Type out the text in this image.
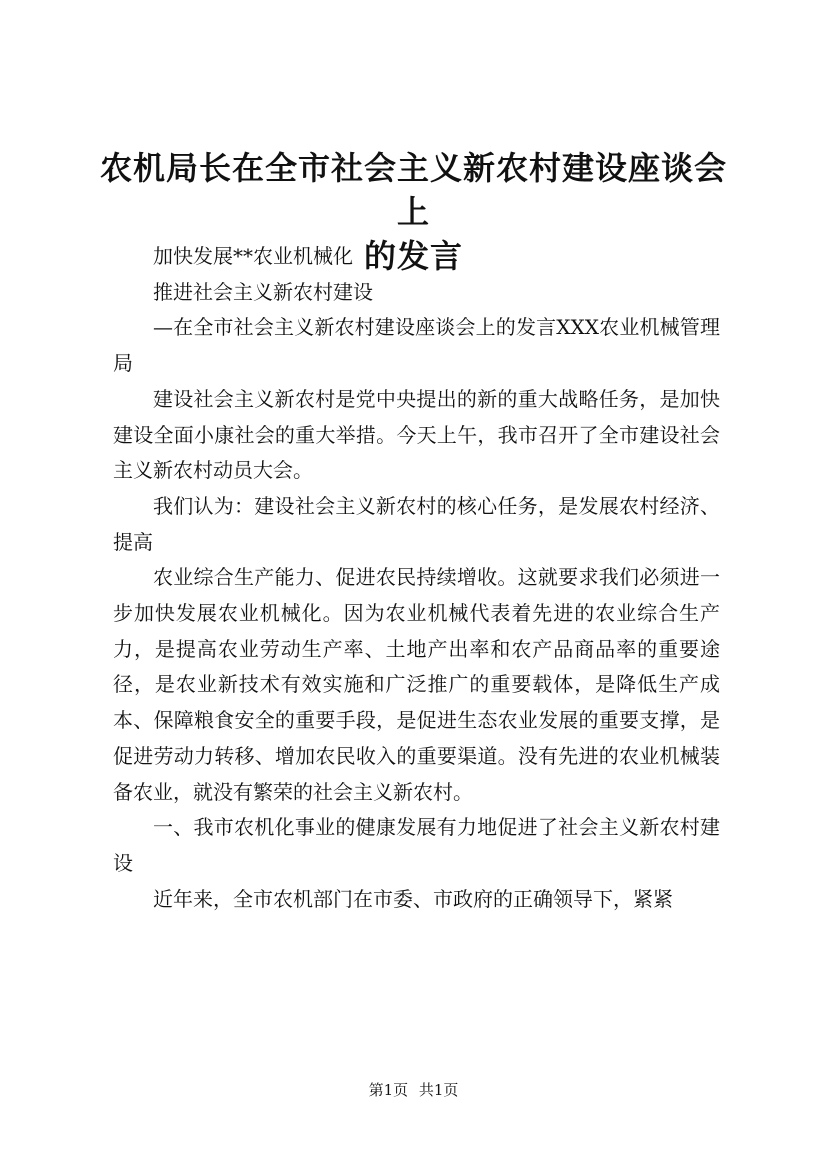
农机局长在全市社会主义新农村建设座谈会上
的发言

加快发展**农业机械化

推进社会主义新农村建设

—在全市社会主义新农村建设座谈会上的发言XXX农业机械管理局

建设社会主义新农村是党中央提出的新的重大战略任务，是加快建设全面小康社会的重大举措。今天上午，我市召开了全市建设社会主义新农村动员大会。

我们认为：建设社会主义新农村的核心任务，是发展农村经济、提高

农业综合生产能力、促进农民持续增收。这就要求我们必须进一步加快发展农业机械化。因为农业机械代表着先进的农业综合生产力，是提高农业劳动生产率、土地产出率和农产品商品率的重要途径，是农业新技术有效实施和广泛推广的重要载体，是降低生产成本、保障粮食安全的重要手段，是促进生态农业发展的重要支撑，是促进劳动力转移、增加农民收入的重要渠道。没有先进的农业机械装备农业，就没有繁荣的社会主义新农村。

一、我市农机化事业的健康发展有力地促进了社会主义新农村建设

近年来，全市农机部门在市委、市政府的正确领导下，紧紧

第1页 共1页
